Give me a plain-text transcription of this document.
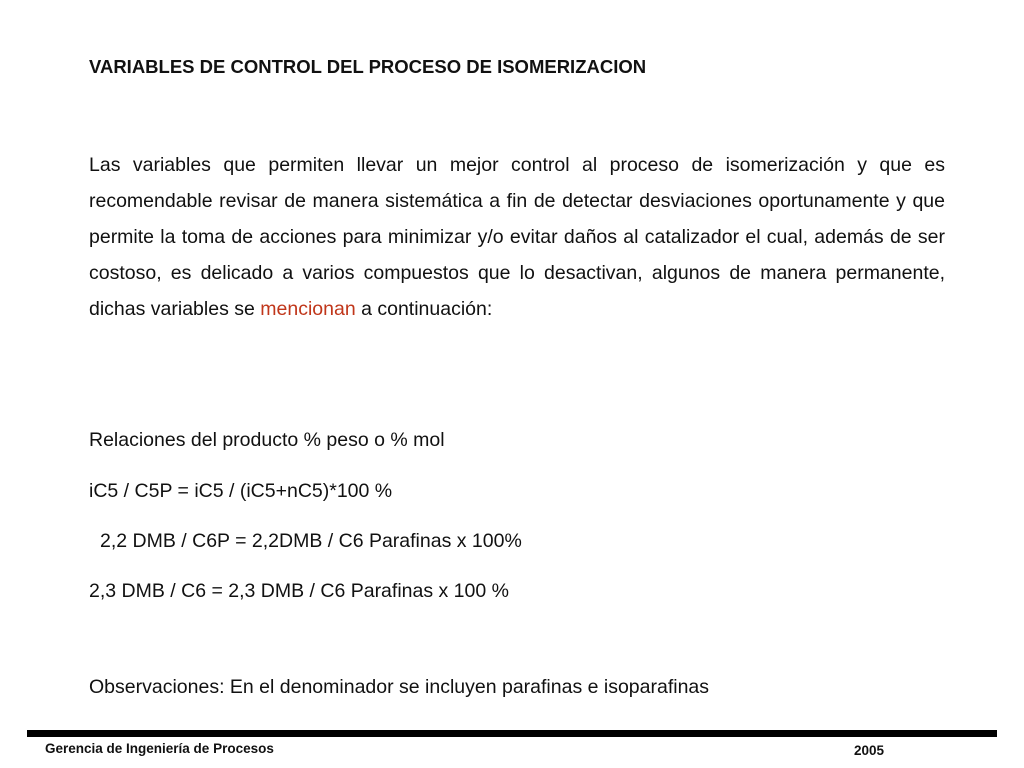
VARIABLES DE CONTROL DEL PROCESO DE ISOMERIZACION
Las variables que permiten llevar un mejor control al proceso de isomerización y que es recomendable revisar de manera sistemática a fin de detectar desviaciones oportunamente y que permite la toma de acciones para minimizar y/o evitar daños al catalizador el cual, además de ser costoso, es delicado a varios compuestos que lo desactivan, algunos de manera permanente, dichas variables se mencionan a continuación:
Relaciones del producto % peso o % mol
iC5 / C5P = iC5 / (iC5+nC5)*100 %
2,2 DMB / C6P = 2,2DMB / C6 Parafinas x 100%
2,3 DMB / C6 = 2,3 DMB / C6 Parafinas x 100 %
Observaciones: En el denominador se incluyen parafinas e isoparafinas
Gerencia de Ingeniería de Procesos	2005
